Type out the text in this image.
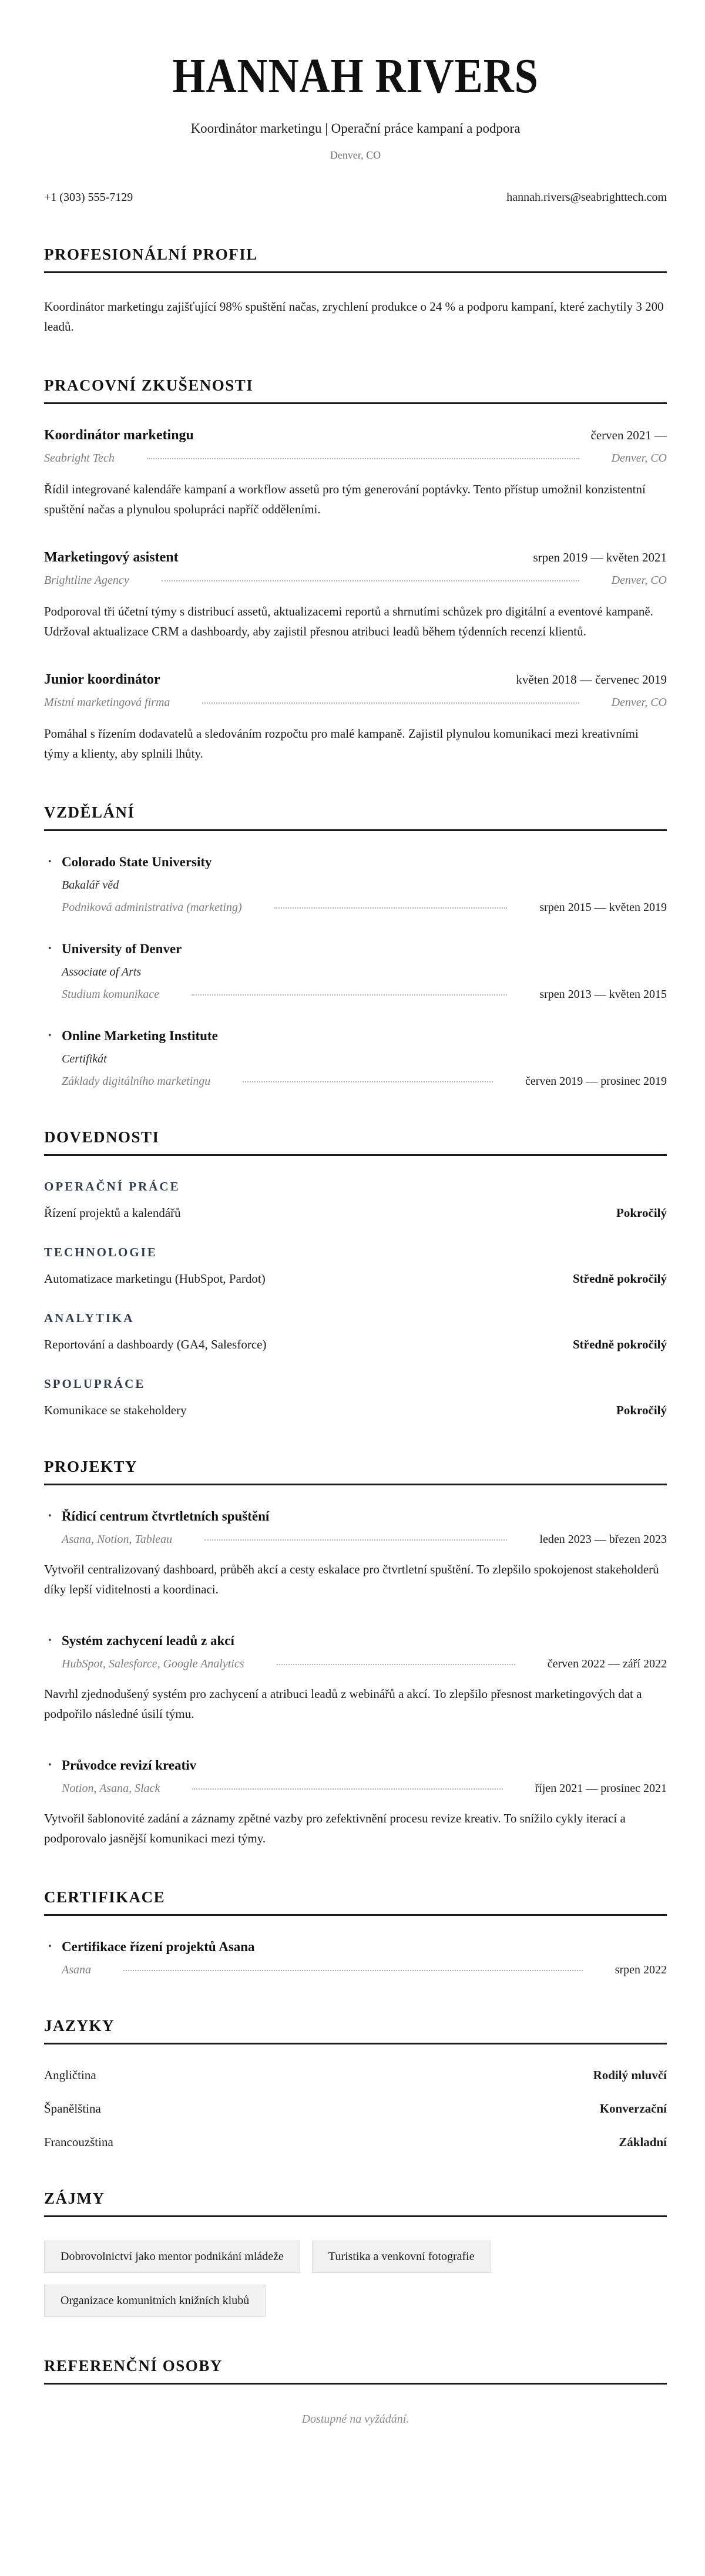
HANNAH RIVERS
Koordinátor marketingu | Operační práce kampaní a podpora
Denver, CO
+1 (303) 555-7129	hannah.rivers@seabrighttech.com
PROFESIONÁLNÍ PROFIL

Koordinátor marketingu zajišťující 98% spuštění načas, zrychlení produkce o 24 % a podporu kampaní, které zachytily 3 200 leadů.

PRACOVNÍ ZKUŠENOSTI
Koordinátor marketingu	červen 2021 —
Seabright Tech	Denver, CO

Řídil integrované kalendáře kampaní a workflow assetů pro tým generování poptávky. Tento přístup umožnil konzistentní spuštění načas a plynulou spolupráci napříč odděleními.

Marketingový asistent	srpen 2019 — květen 2021
Brightline Agency	Denver, CO

Podporoval tři účetní týmy s distribucí assetů, aktualizacemi reportů a shrnutími schůzek pro digitální a eventové kampaně. Udržoval aktualizace CRM a dashboardy, aby zajistil přesnou atribuci leadů během týdenních recenzí klientů.

Junior koordinátor	květen 2018 — červenec 2019
Místní marketingová firma	Denver, CO

Pomáhal s řízením dodavatelů a sledováním rozpočtu pro malé kampaně. Zajistil plynulou komunikaci mezi kreativními týmy a klienty, aby splnili lhůty.

VZDĚLÁNÍ
· Colorado State University
Bakalář věd
Podniková administrativa (marketing)	srpen 2015 — květen 2019
· University of Denver
Associate of Arts
Studium komunikace	srpen 2013 — květen 2015
· Online Marketing Institute
Certifikát
Základy digitálního marketingu	červen 2019 — prosinec 2019
DOVEDNOSTI
OPERAČNÍ PRÁCE
Řízení projektů a kalendářů	Pokročilý
TECHNOLOGIE
Automatizace marketingu (HubSpot, Pardot)	Středně pokročilý
ANALYTIKA
Reportování a dashboardy (GA4, Salesforce)	Středně pokročilý
SPOLUPRÁCE
Komunikace se stakeholdery	Pokročilý
PROJEKTY
· Řídicí centrum čtvrtletních spuštění
Asana, Notion, Tableau	leden 2023 — březen 2023

Vytvořil centralizovaný dashboard, průběh akcí a cesty eskalace pro čtvrtletní spuštění. To zlepšilo spokojenost stakeholderů díky lepší viditelnosti a koordinaci.

· Systém zachycení leadů z akcí
HubSpot, Salesforce, Google Analytics	červen 2022 — září 2022

Navrhl zjednodušený systém pro zachycení a atribuci leadů z webinářů a akcí. To zlepšilo přesnost marketingových dat a podpořilo následné úsilí týmu.

· Průvodce revizí kreativ
Notion, Asana, Slack	říjen 2021 — prosinec 2021

Vytvořil šablonovité zadání a záznamy zpětné vazby pro zefektivnění procesu revize kreativ. To snížilo cykly iterací a podporovalo jasnější komunikaci mezi týmy.

CERTIFIKACE
· Certifikace řízení projektů Asana
Asana	srpen 2022
JAZYKY
Angličtina	Rodilý mluvčí
Španělština	Konverzační
Francouzština	Základní
ZÁJMY
Dobrovolnictví jako mentor podnikání mládeže	Turistika a venkovní fotografie
Organizace komunitních knižních klubů
REFERENČNÍ OSOBY
Dostupné na vyžádání.
